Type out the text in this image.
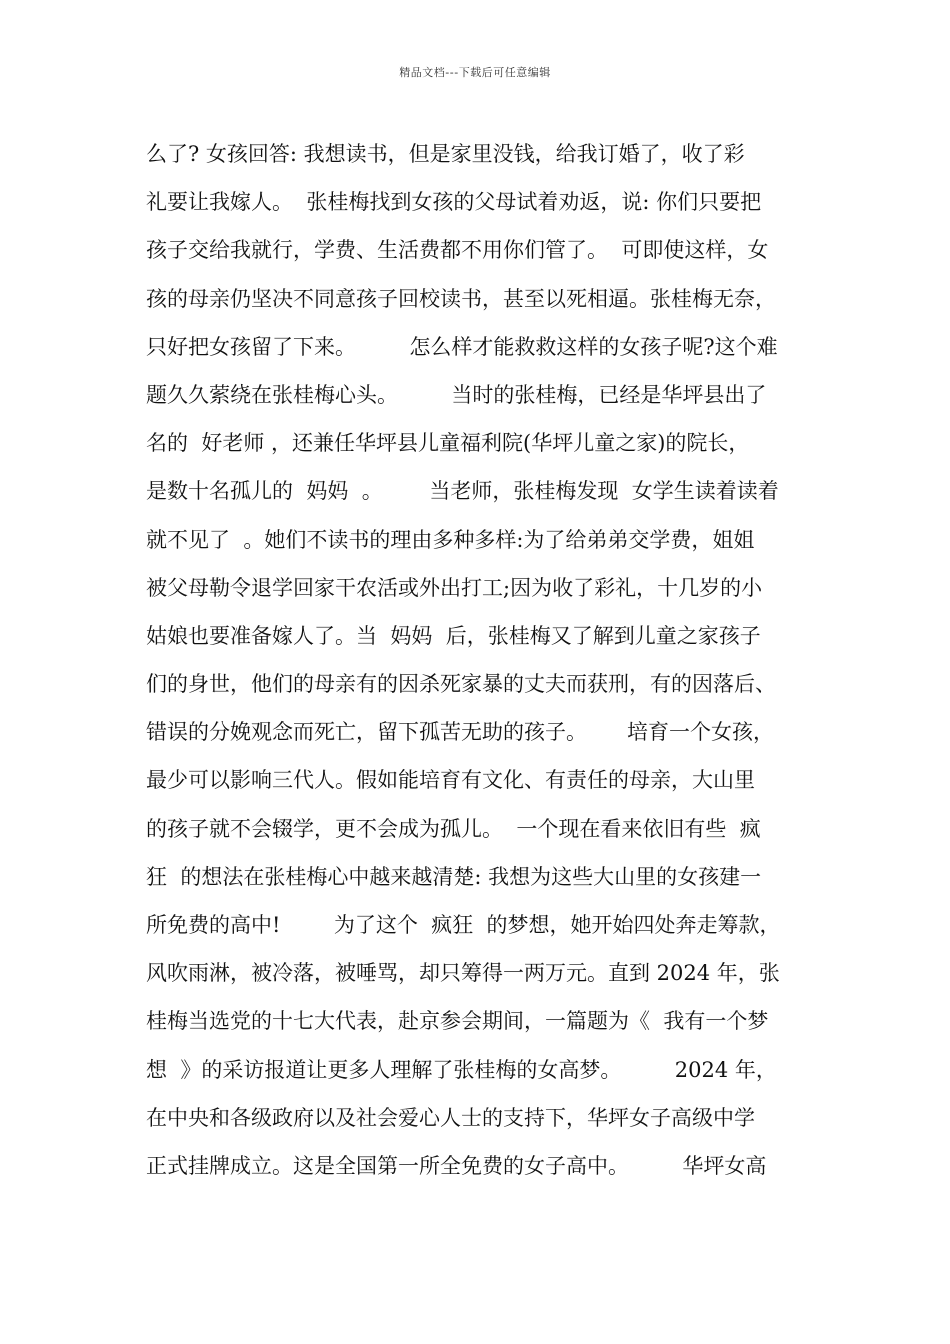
精品文档---下载后可任意编辑
么了? 女孩回答: 我想读书，但是家里没钱，给我订婚了，收了彩
礼要让我嫁人。  张桂梅找到女孩的父母试着劝返，说: 你们只要把
孩子交给我就行，学费、生活费都不用你们管了。  可即使这样，女
孩的母亲仍坚决不同意孩子回校读书，甚至以死相逼。张桂梅无奈，
只好把女孩留了下来。        怎么样才能救救这样的女孩子呢?这个难
题久久萦绕在张桂梅心头。        当时的张桂梅，已经是华坪县出了
名的  好老师 ，还兼任华坪县儿童福利院(华坪儿童之家)的院长，
是数十名孤儿的  妈妈  。       当老师，张桂梅发现  女学生读着读着
就不见了  。她们不读书的理由多种多样:为了给弟弟交学费，姐姐
被父母勒令退学回家干农活或外出打工;因为收了彩礼，十几岁的小
姑娘也要准备嫁人了。当  妈妈  后，张桂梅又了解到儿童之家孩子
们的身世，他们的母亲有的因杀死家暴的丈夫而获刑，有的因落后、
错误的分娩观念而死亡，留下孤苦无助的孩子。      培育一个女孩，
最少可以影响三代人。假如能培育有文化、有责任的母亲，大山里
的孩子就不会辍学，更不会成为孤儿。  一个现在看来依旧有些  疯
狂  的想法在张桂梅心中越来越清楚: 我想为这些大山里的女孩建一
所免费的高中!        为了这个  疯狂  的梦想，她开始四处奔走筹款，
风吹雨淋，被冷落，被唾骂，却只筹得一两万元。直到 2024 年，张
桂梅当选党的十七大代表，赴京参会期间，一篇题为《  我有一个梦
想  》的采访报道让更多人理解了张桂梅的女高梦。        2024 年，
在中央和各级政府以及社会爱心人士的支持下，华坪女子高级中学
正式挂牌成立。这是全国第一所全免费的女子高中。        华坪女高
